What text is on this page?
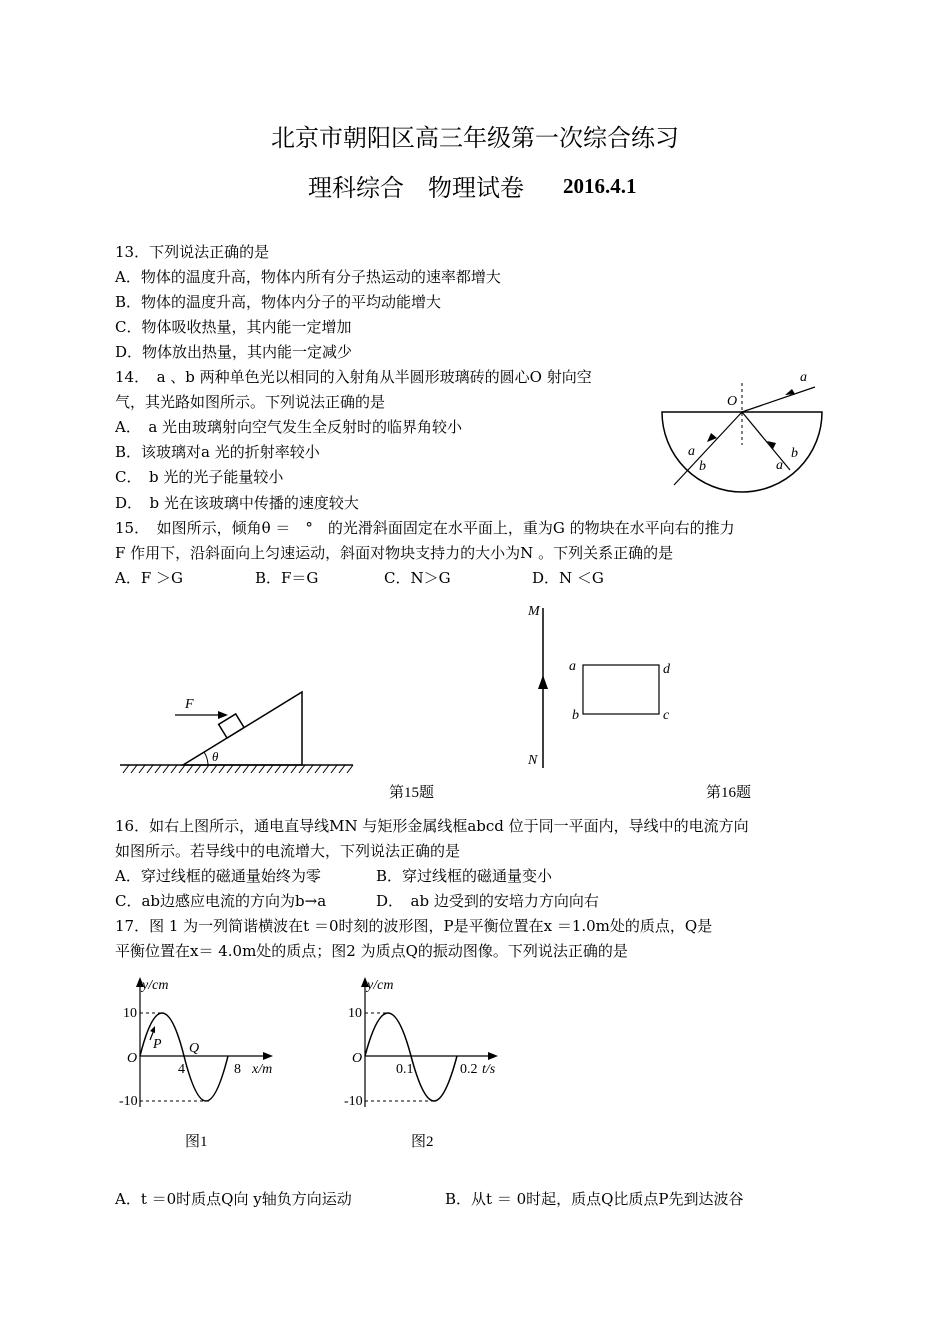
北京市朝阳区高三年级第一次综合练习
理科综合　物理试卷 2016.4.1
13．下列说法正确的是
A．物体的温度升高，物体内所有分子热运动的速率都增大
B．物体的温度升高，物体内分子的平均动能增大
C．物体吸收热量，其内能一定增加
D．物体放出热量，其内能一定减少
14．　a 、b 两种单色光以相同的入射角从半圆形玻璃砖的圆心O 射向空
气，其光路如图所示。下列说法正确的是
A．　a 光由玻璃射向空气发生全反射时的临界角较小
B．该玻璃对a 光的折射率较小
C．　b 光的光子能量较小
D．　b 光在该玻璃中传播的速度较大
O
a
a
b
b
a
15．　如图所示，倾角θ ＝　°　的光滑斜面固定在水平面上，重为G 的物块在水平向右的推力
F 作用下，沿斜面向上匀速运动，斜面对物块支持力的大小为N 。下列关系正确的是
A．F ＞G	B．F＝G	C．N＞G	D．N ＜G
F
θ
M
N
a	d
b	c
第15题	第16题
16．如右上图所示，通电直导线MN 与矩形金属线框abcd 位于同一平面内，导线中的电流方向
如图所示。若导线中的电流增大，下列说法正确的是
A．穿过线框的磁通量始终为零	B．穿过线框的磁通量变小
C．ab边感应电流的方向为b→a	D．　ab 边受到的安培力方向向右
17．图 1 为一列简谐横波在t ＝0时刻的波形图，P是平衡位置在x ＝1.0m处的质点，Q是
平衡位置在x＝ 4.0m处的质点；图2 为质点Q的振动图像。下列说法正确的是
y/cm
10
-10
O
P Q
4	8 x/m
图1
y/cm
10
-10
O
0.1	0.2 t/s
图2
A．t ＝0时质点Q向 y轴负方向运动	B．从t ＝ 0时起，质点Q比质点P先到达波谷
